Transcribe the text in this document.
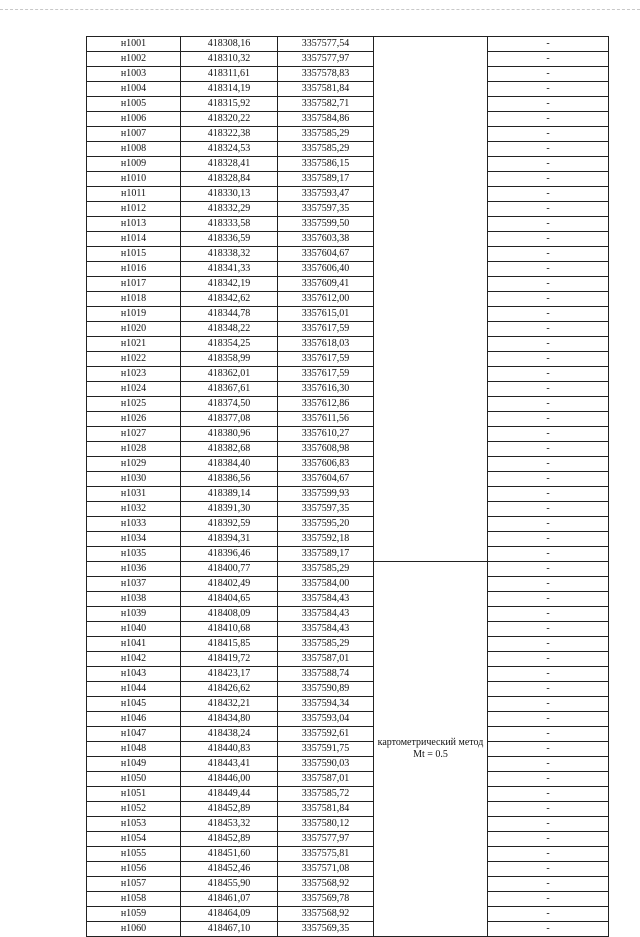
н1001	418308,16	3357577,54		-
н1002	418310,32	3357577,97		-
н1003	418311,61	3357578,83		-
н1004	418314,19	3357581,84		-
н1005	418315,92	3357582,71		-
н1006	418320,22	3357584,86		-
н1007	418322,38	3357585,29		-
н1008	418324,53	3357585,29		-
н1009	418328,41	3357586,15		-
н1010	418328,84	3357589,17		-
н1011	418330,13	3357593,47		-
н1012	418332,29	3357597,35		-
н1013	418333,58	3357599,50		-
н1014	418336,59	3357603,38		-
н1015	418338,32	3357604,67		-
н1016	418341,33	3357606,40		-
н1017	418342,19	3357609,41		-
н1018	418342,62	3357612,00		-
н1019	418344,78	3357615,01		-
н1020	418348,22	3357617,59		-
н1021	418354,25	3357618,03		-
н1022	418358,99	3357617,59		-
н1023	418362,01	3357617,59		-
н1024	418367,61	3357616,30		-
н1025	418374,50	3357612,86		-
н1026	418377,08	3357611,56		-
н1027	418380,96	3357610,27		-
н1028	418382,68	3357608,98		-
н1029	418384,40	3357606,83		-
н1030	418386,56	3357604,67		-
н1031	418389,14	3357599,93		-
н1032	418391,30	3357597,35		-
н1033	418392,59	3357595,20		-
н1034	418394,31	3357592,18		-
н1035	418396,46	3357589,17		-
н1036	418400,77	3357585,29	картометрический метод Mt = 0.5	-
н1037	418402,49	3357584,00		-
н1038	418404,65	3357584,43		-
н1039	418408,09	3357584,43		-
н1040	418410,68	3357584,43		-
н1041	418415,85	3357585,29		-
н1042	418419,72	3357587,01		-
н1043	418423,17	3357588,74		-
н1044	418426,62	3357590,89		-
н1045	418432,21	3357594,34		-
н1046	418434,80	3357593,04		-
н1047	418438,24	3357592,61		-
н1048	418440,83	3357591,75		-
н1049	418443,41	3357590,03		-
н1050	418446,00	3357587,01		-
н1051	418449,44	3357585,72		-
н1052	418452,89	3357581,84		-
н1053	418453,32	3357580,12		-
н1054	418452,89	3357577,97		-
н1055	418451,60	3357575,81		-
н1056	418452,46	3357571,08		-
н1057	418455,90	3357568,92		-
н1058	418461,07	3357569,78		-
н1059	418464,09	3357568,92		-
н1060	418467,10	3357569,35		-
